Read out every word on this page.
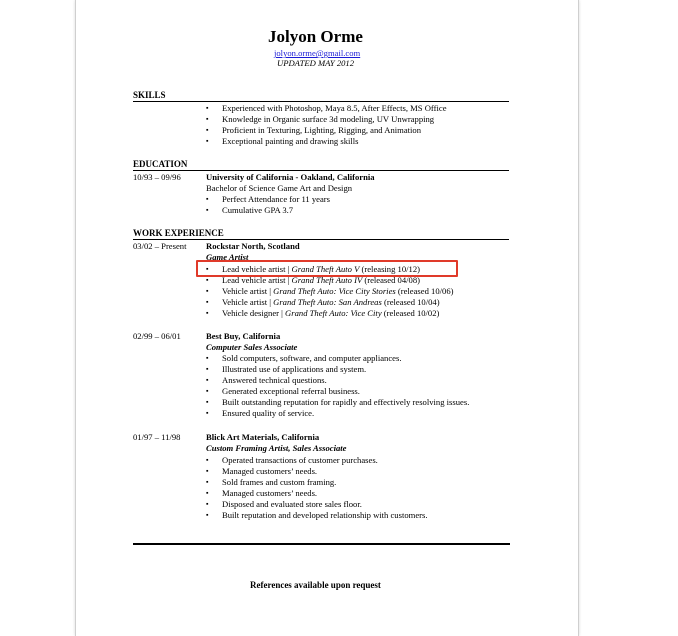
Jolyon Orme
jolyon.orme@gmail.com
UPDATED MAY 2012
SKILLS
▪ Experienced with Photoshop, Maya 8.5, After Effects, MS Office
▪ Knowledge in Organic surface 3d modeling, UV Unwrapping
▪ Proficient in Texturing, Lighting, Rigging, and Animation
▪ Exceptional painting and drawing skills
EDUCATION
10/93 – 09/96	University of California - Oakland, California
Bachelor of Science Game Art and Design
▪ Perfect Attendance for 11 years
▪ Cumulative GPA 3.7
WORK EXPERIENCE
03/02 – Present Rockstar North, Scotland
Game Artist
▪ Lead vehicle artist | Grand Theft Auto V (releasing 10/12)
▪ Lead vehicle artist | Grand Theft Auto IV (released 04/08)
▪ Vehicle artist | Grand Theft Auto: Vice City Stories (released 10/06)
▪ Vehicle artist | Grand Theft Auto: San Andreas (released 10/04)
▪ Vehicle designer | Grand Theft Auto: Vice City (released 10/02)
02/99 – 06/01	Best Buy, California
Computer Sales Associate
▪ Sold computers, software, and computer appliances.
▪ Illustrated use of applications and system.
▪ Answered technical questions.
▪ Generated exceptional referral business.
▪ Built outstanding reputation for rapidly and effectively resolving issues.
▪ Ensured quality of service.
01/97 – 11/98	Blick Art Materials, California
Custom Framing Artist, Sales Associate
▪ Operated transactions of customer purchases.
▪ Managed customers’ needs.
▪ Sold frames and custom framing.
▪ Managed customers’ needs.
▪ Disposed and evaluated store sales floor.
▪ Built reputation and developed relationship with customers.
References available upon request
